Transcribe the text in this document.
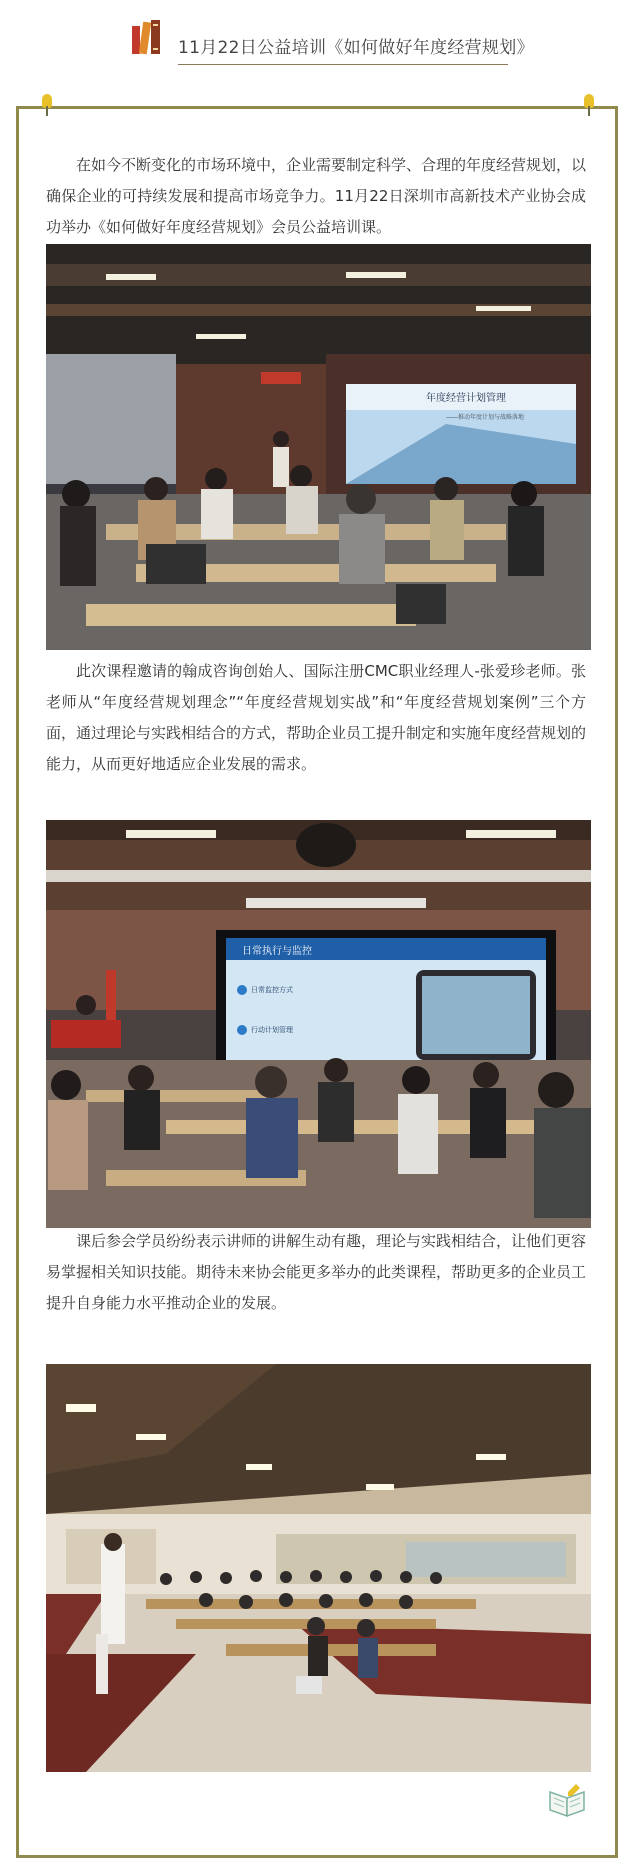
11月22日公益培训《如何做好年度经营规划》

在如今不断变化的市场环境中，企业需要制定科学、合理的年度经营规划，以确保企业的可持续发展和提高市场竞争力。11月22日深圳市高新技术产业协会成功举办《如何做好年度经营规划》会员公益培训课。

年度经营计划管理
——推动年度计划与战略落地

此次课程邀请的翰成咨询创始人、国际注册CMC职业经理人-张爱珍老师。张老师从“年度经营规划理念”“年度经营规划实战”和“年度经营规划案例”三个方面，通过理论与实践相结合的方式，帮助企业员工提升制定和实施年度经营规划的能力，从而更好地适应企业发展的需求。

日常执行与监控
日常监控方式
行动计划管理

课后参会学员纷纷表示讲师的讲解生动有趣，理论与实践相结合，让他们更容易掌握相关知识技能。期待未来协会能更多举办的此类课程，帮助更多的企业员工提升自身能力水平推动企业的发展。
